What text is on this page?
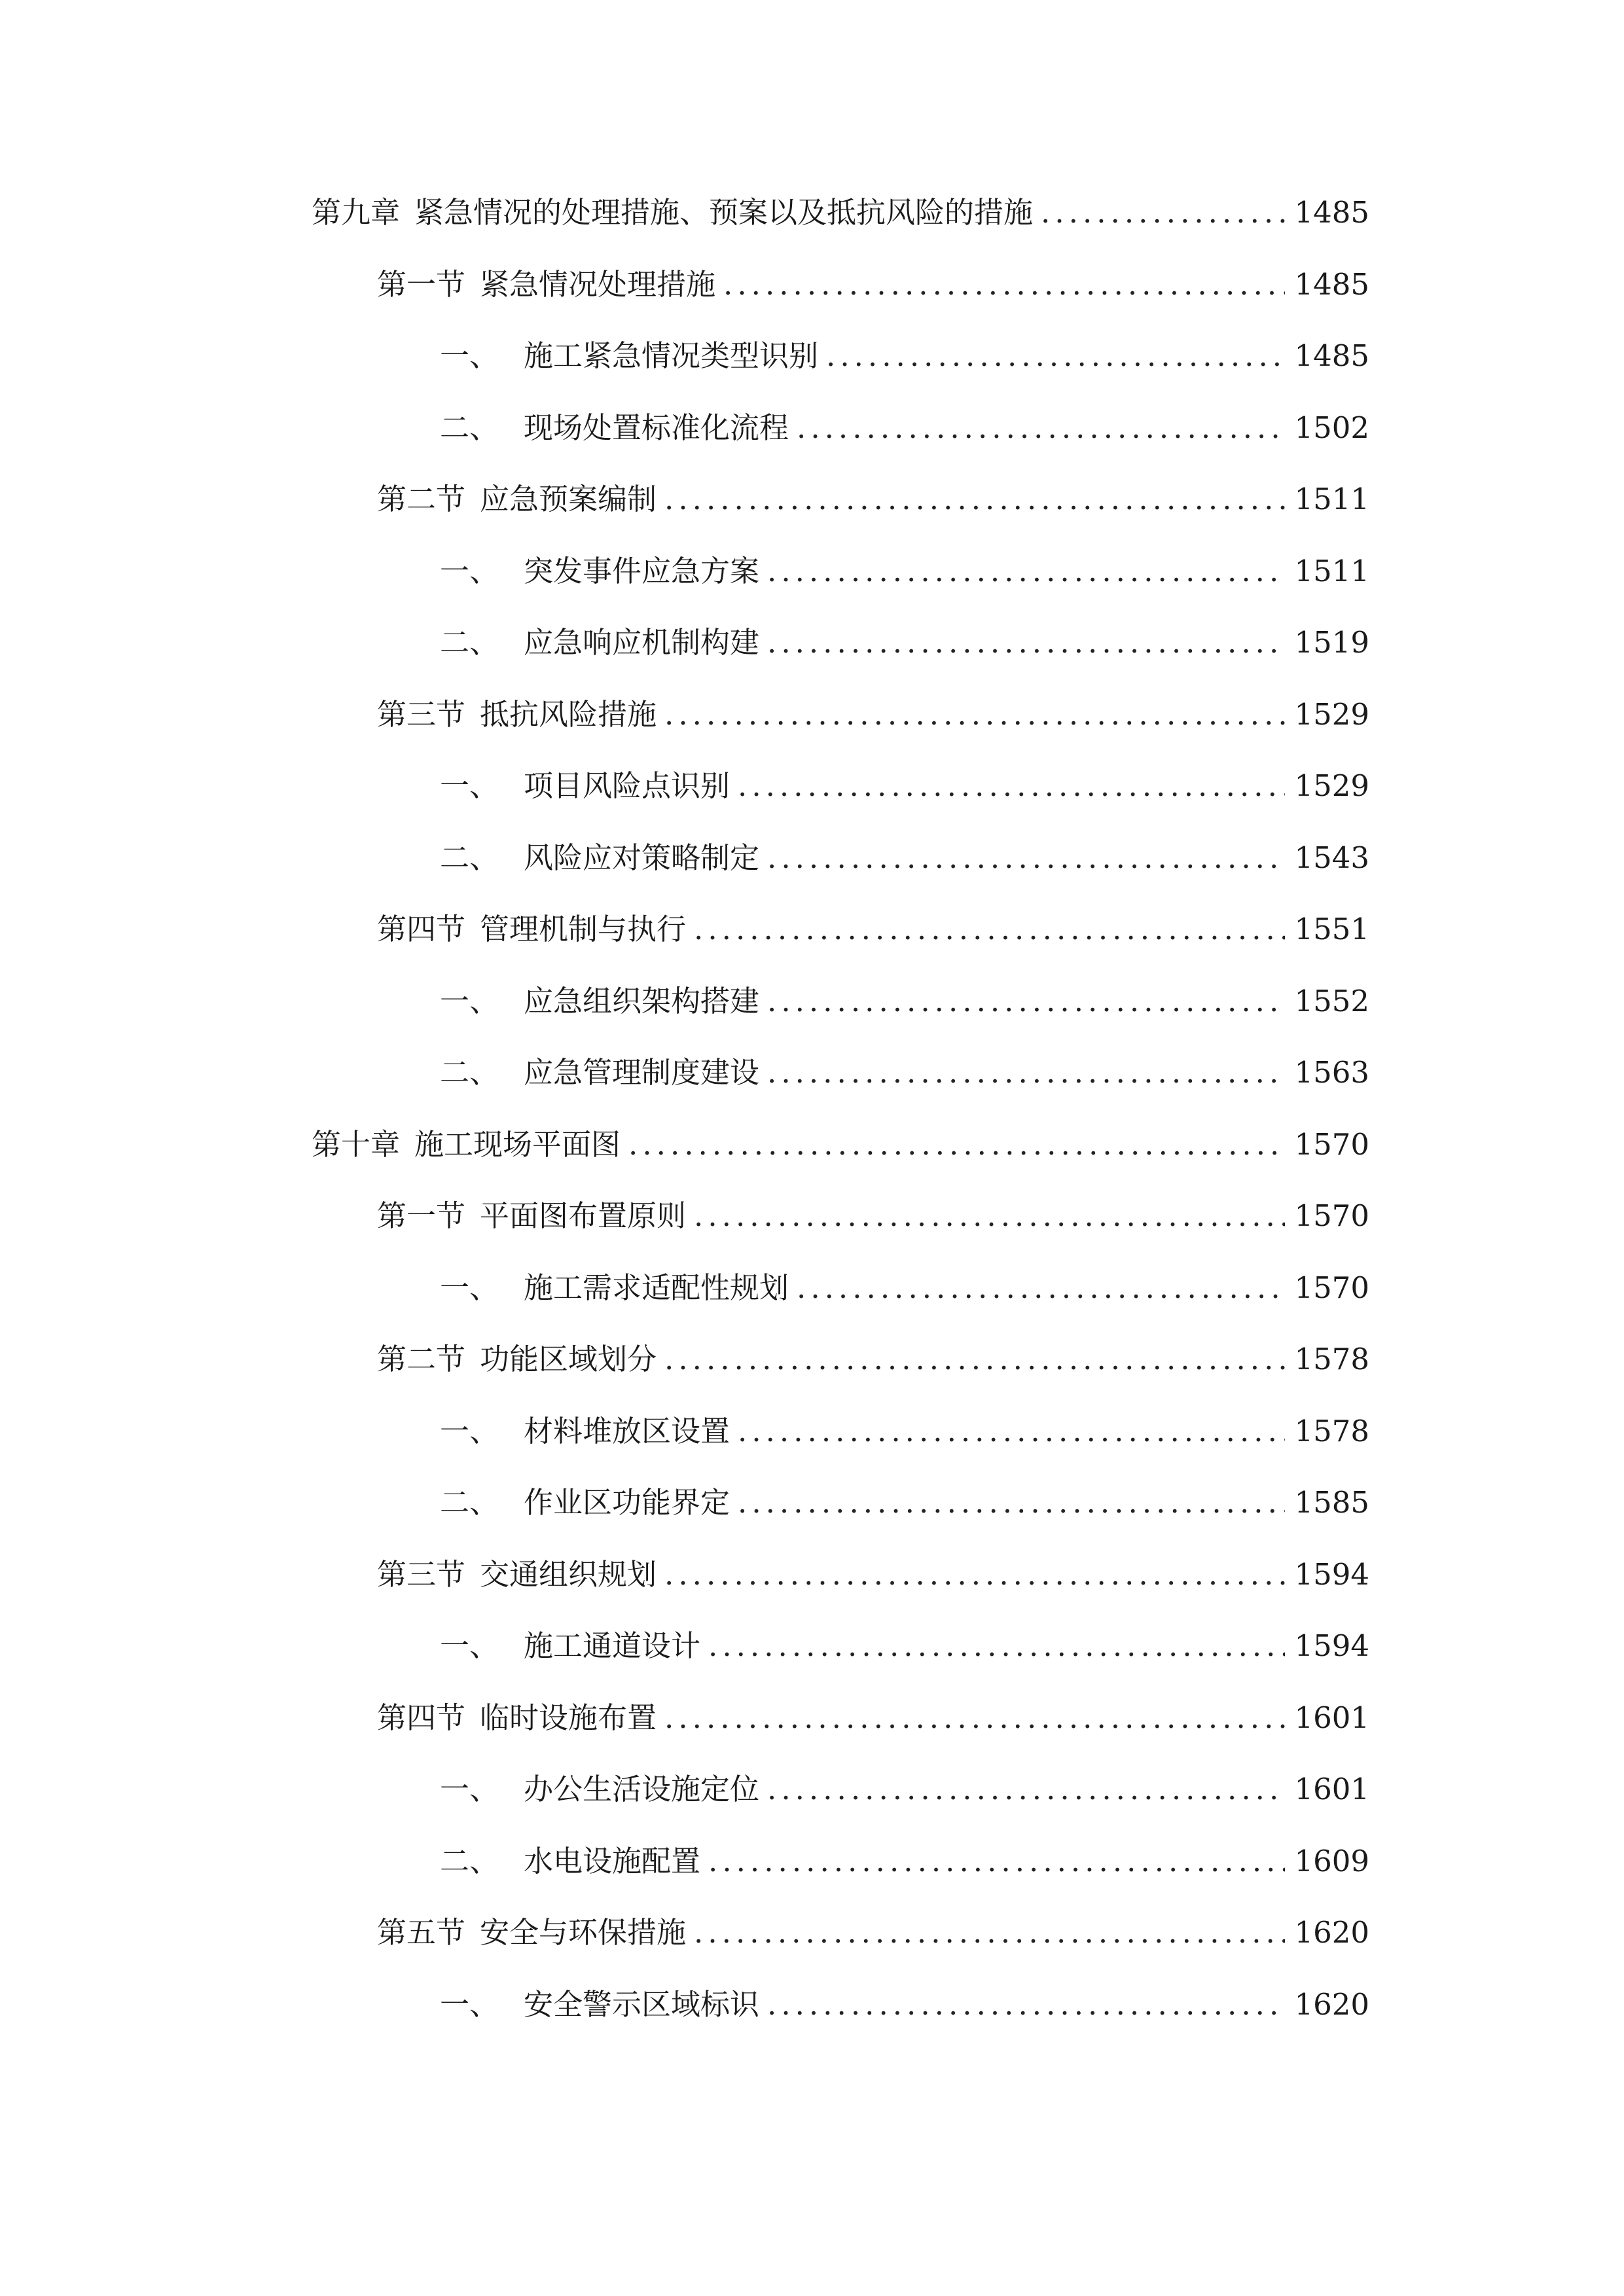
第九章 紧急情况的处理措施、预案以及抵抗风险的措施 .....	1485
第一节 紧急情况处理措施 .....	1485
一、 施工紧急情况类型识别 .....	1485
二、 现场处置标准化流程 .....	1502
第二节 应急预案编制 .....	1511
一、 突发事件应急方案 .....	1511
二、 应急响应机制构建 .....	1519
第三节 抵抗风险措施 .....	1529
一、 项目风险点识别 .....	1529
二、 风险应对策略制定 .....	1543
第四节 管理机制与执行 .....	1551
一、 应急组织架构搭建 .....	1552
二、 应急管理制度建设 .....	1563
第十章 施工现场平面图 .....	1570
第一节 平面图布置原则 .....	1570
一、 施工需求适配性规划 .....	1570
第二节 功能区域划分 .....	1578
一、 材料堆放区设置 .....	1578
二、 作业区功能界定 .....	1585
第三节 交通组织规划 .....	1594
一、 施工通道设计 .....	1594
第四节 临时设施布置 .....	1601
一、 办公生活设施定位 .....	1601
二、 水电设施配置 .....	1609
第五节 安全与环保措施 .....	1620
一、 安全警示区域标识 .....	1620
